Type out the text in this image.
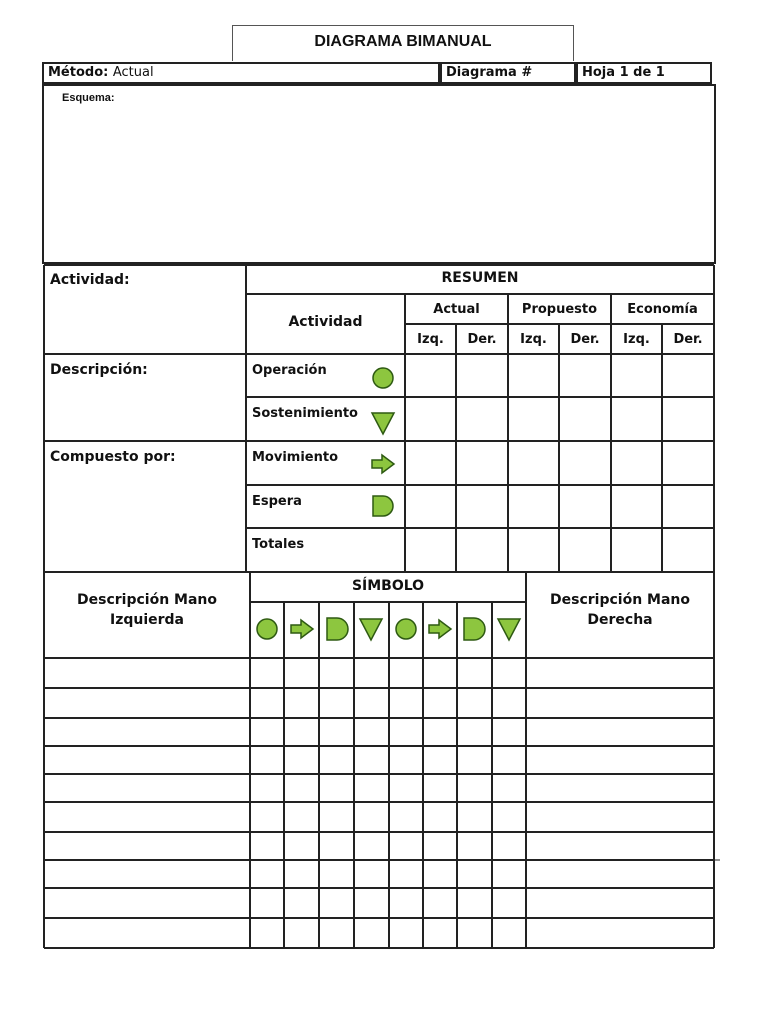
DIAGRAMA BIMANUAL
Método: Actual	Diagrama #	Hoja 1 de 1
Esquema:
Actividad:
Descripción:
Compuesto por:
RESUMEN
Actividad
Actual	Propuesto	Economía
Izq.	Der.	Izq.	Der.	Izq.	Der.
Operación
Sostenimiento
Movimiento
Espera
Totales
Descripción Mano
Izquierda
SÍMBOLO
Descripción Mano
Derecha
